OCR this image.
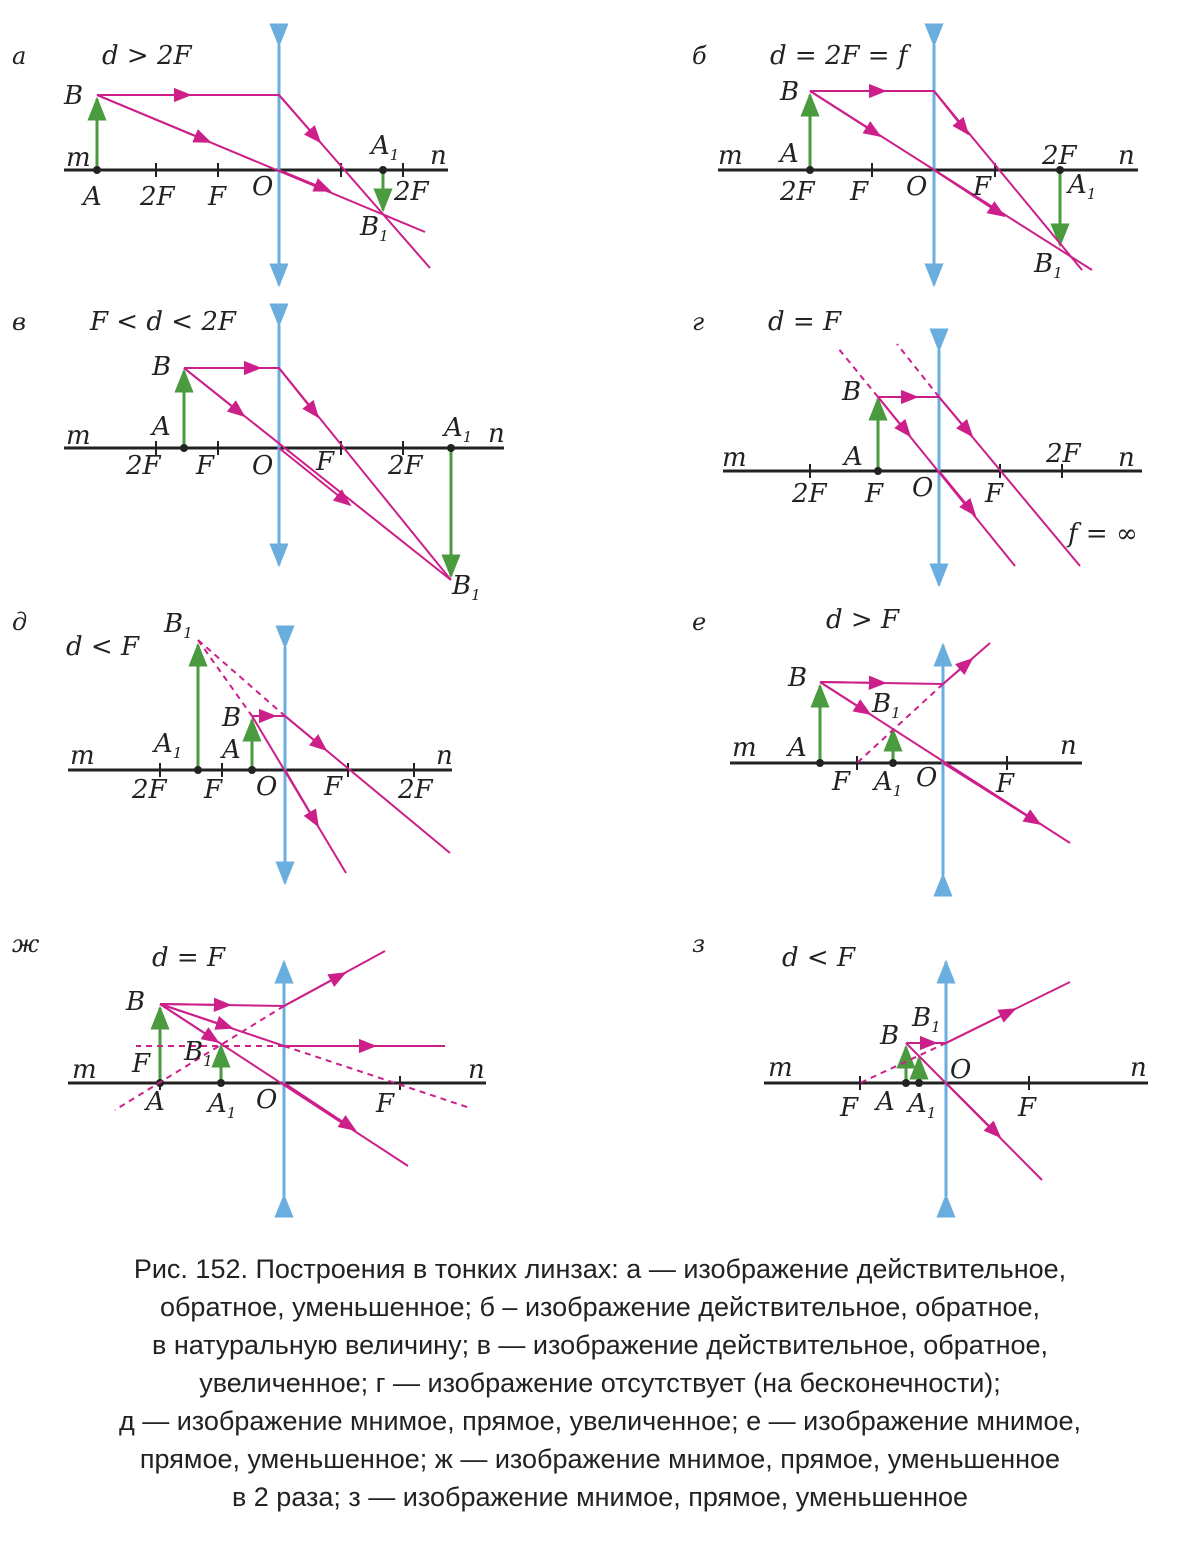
а	d > 2F
m	n
B
A 2F F O
$A_1$
2F
$B_1$
б d = 2F = f
m	n
B
A
2F F O F
2F
$A_1$
$B_1$
в F < d < 2F
m	n
B
A
2F F O F 2F
$A_1$
$B_1$
г d = F
m	n
B
A
2F F O F
2F
f = ∞
д
d < F
m	n
$B_1$
B
$A_1$ A
2F F O F 2F
е	d > F
m	n
B
A
$B_1$
F $A_1$ O F
ж	d = F
m	n
B
F
A
$B_1$
$A_1$ O	F
з	d < F
m	n
B
$B_1$
O
F A $A_1$	F
Рис. 152. Построения в тонких линзах: а — изображение действительное,
обратное, уменьшенное; б – изображение действительное, обратное,
в натуральную величину; в — изображение действительное, обратное,
увеличенное; г — изображение отсутствует (на бесконечности);
д — изображение мнимое, прямое, увеличенное; е — изображение мнимое,
прямое, уменьшенное; ж — изображение мнимое, прямое, уменьшенное
в 2 раза; з — изображение мнимое, прямое, уменьшенное
